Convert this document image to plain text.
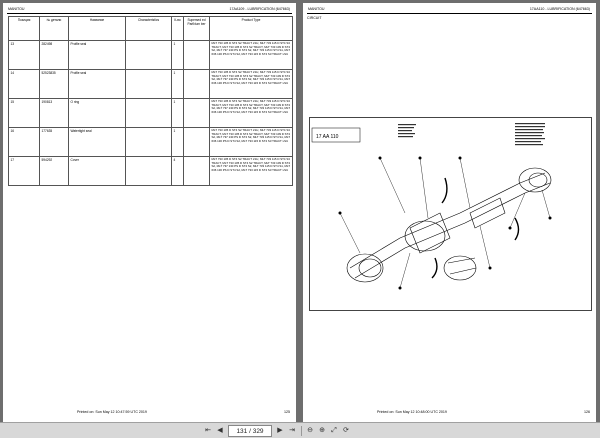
MANITOU	17AA109 - LUBRIFICATION (647663)
Позиция	№ детали	Название	Characteristics	К-во	Supersed ed PartNum ber	Product Type
13	282498	Profile seal		1		MLT 733 105 D ST4 S2 TRACT LSU, MLT 733 115 D ST4 S3 TRACT, MLT 733 105 D ST4 S2 TRACT, MLT 733 109 D ST4 S2, MLT 737 130 PS D ST4 S2, MLT 733 115 D ST4 S1, MLT 636 130 PS D ST4 S2, MLT 733 115 D ST4 S3 TRACT LSU
14	52523835	Profile seal		1		MLT 733 105 D ST4 S2 TRACT LSU, MLT 733 115 D ST4 S3 TRACT, MLT 733 105 D ST4 S2 TRACT, MLT 733 109 D ST4 S2, MLT 737 130 PS D ST4 S2, MLT 733 115 D ST4 S1, MLT 636 130 PS D ST4 S2, MLT 733 115 D ST4 S3 TRACT LSU
15	190813	O ring		1		MLT 733 105 D ST4 S2 TRACT LSU, MLT 733 115 D ST4 S3 TRACT, MLT 733 105 D ST4 S2 TRACT, MLT 733 109 D ST4 S2, MLT 737 130 PS D ST4 S2, MLT 733 115 D ST4 S1, MLT 636 130 PS D ST4 S2, MLT 733 115 D ST4 S3 TRACT LSU
16	177635	Watertight seal		1		MLT 733 105 D ST4 S2 TRACT LSU, MLT 733 115 D ST4 S3 TRACT, MLT 733 105 D ST4 S2 TRACT, MLT 733 109 D ST4 S2, MLT 737 130 PS D ST4 S2, MLT 733 115 D ST4 S1, MLT 636 130 PS D ST4 S2, MLT 733 115 D ST4 S3 TRACT LSU
17	594292	Cover		4		MLT 733 105 D ST4 S2 TRACT LSU, MLT 733 115 D ST4 S3 TRACT, MLT 733 105 D ST4 S2 TRACT, MLT 733 109 D ST4 S2, MLT 737 130 PS D ST4 S2, MLT 733 115 D ST4 S1, MLT 636 130 PS D ST4 S2, MLT 733 115 D ST4 S3 TRACT LSU
Printed on: Sun May 12 10:47:59 UTC 2019	125
MANITOU	17AA110 - LUBRIFICATION (647663)
CIRCUIT
17 AA 110
Printed on: Sun May 12 10:48:00 UTC 2019	126
⇤ ◀	131 / 329	▶ ⇥ ⊖ ⊕ ⤢ ⟳
